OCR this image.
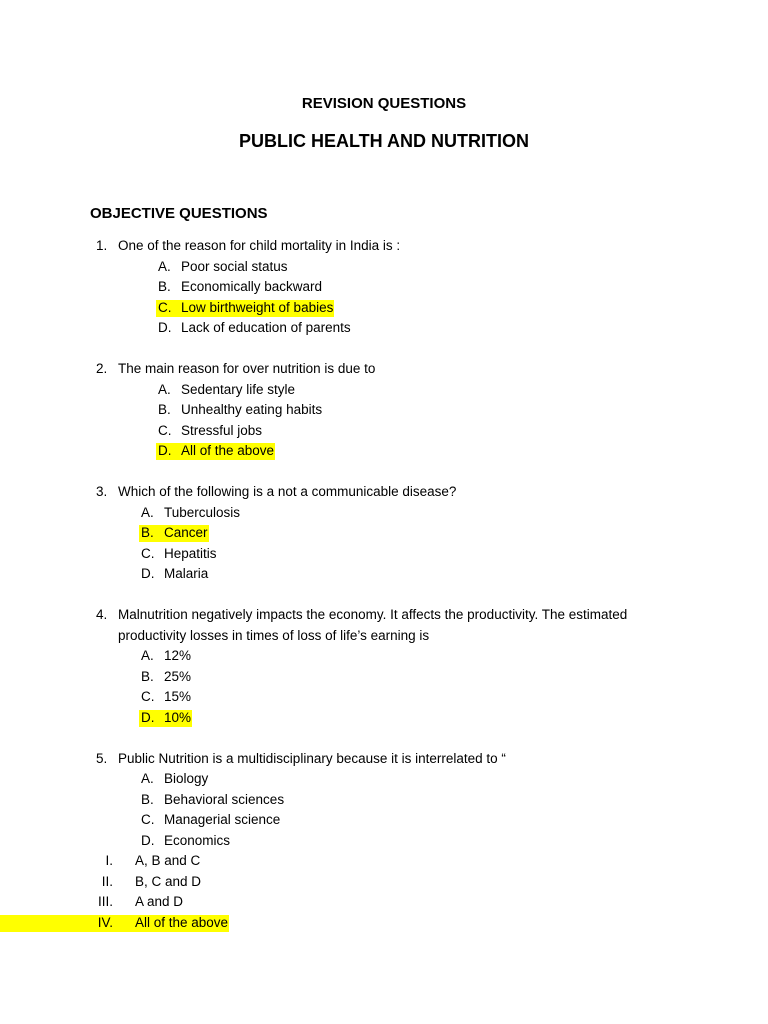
REVISION QUESTIONS
PUBLIC HEALTH AND NUTRITION
OBJECTIVE QUESTIONS
1. One of the reason for child mortality in India is :
A. Poor social status
B. Economically backward
C. Low birthweight of babies
D. Lack of education of parents
2. The main reason for over nutrition is due to
A. Sedentary life style
B. Unhealthy eating habits
C. Stressful jobs
D. All of the above
3. Which of the following is a not a communicable disease?
A. Tuberculosis
B. Cancer
C. Hepatitis
D. Malaria
4. Malnutrition negatively impacts the economy. It affects the productivity. The estimated
productivity losses in times of loss of life’s earning is
A. 12%
B. 25%
C. 15%
D. 10%
5. Public Nutrition is a multidisciplinary because it is interrelated to “
A. Biology
B. Behavioral sciences
C. Managerial science
D. Economics
I. A, B and C
II. B, C and D
III. A and D
IV. All of the above
